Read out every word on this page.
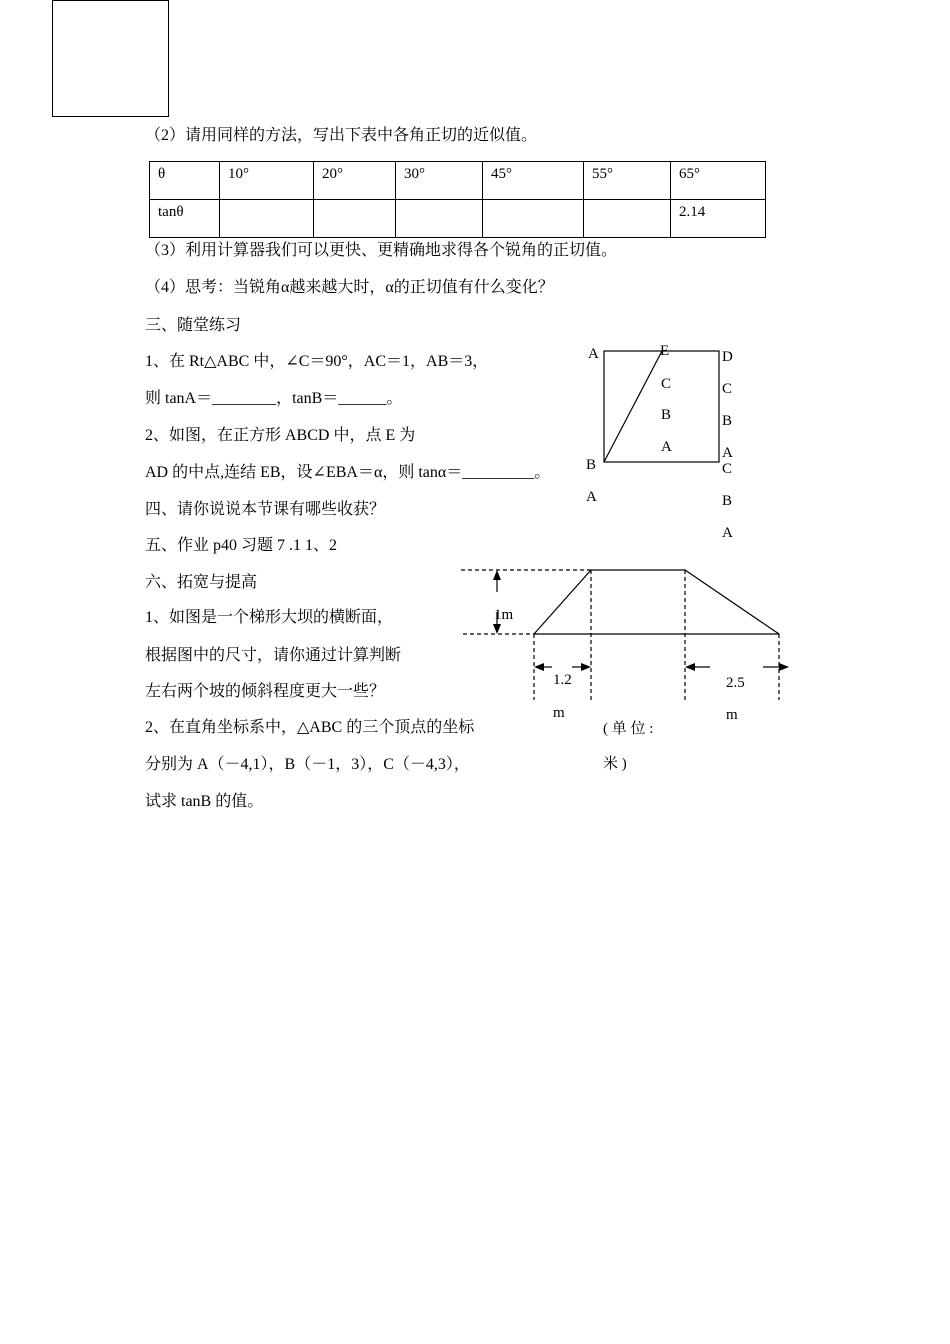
（2）请用同样的方法，写出下表中各角正切的近似值。
θ	10°	20°	30°	45°	55°	65°
tanθ						2.14
（3）利用计算器我们可以更快、更精确地求得各个锐角的正切值。
（4）思考：当锐角α越来越大时，α的正切值有什么变化？
三、随堂练习
1、在 Rt△ABC 中，∠C＝90°，AC＝1，AB＝3，
则 tanA＝________，tanB＝______。
2、如图，在正方形 ABCD 中，点 E 为
AD 的中点,连结 EB，设∠EBA＝α，则 tanα＝_________。
四、请你说说本节课有哪些收获？
五、作业 p40 习题 7 .1 1、2
六、拓宽与提高
1、如图是一个梯形大坝的横断面，
根据图中的尺寸，请你通过计算判断
左右两个坡的倾斜程度更大一些？
2、在直角坐标系中，△ABC 的三个顶点的坐标
分别为 A（－4,1），B（－1，3），C（－4,3），
试求 tanB 的值。
A	E	D
C
B
A
C
B
A
B
A
C
B
A
1m
1.2
m
2.5
m
( 单 位 :
米 )
